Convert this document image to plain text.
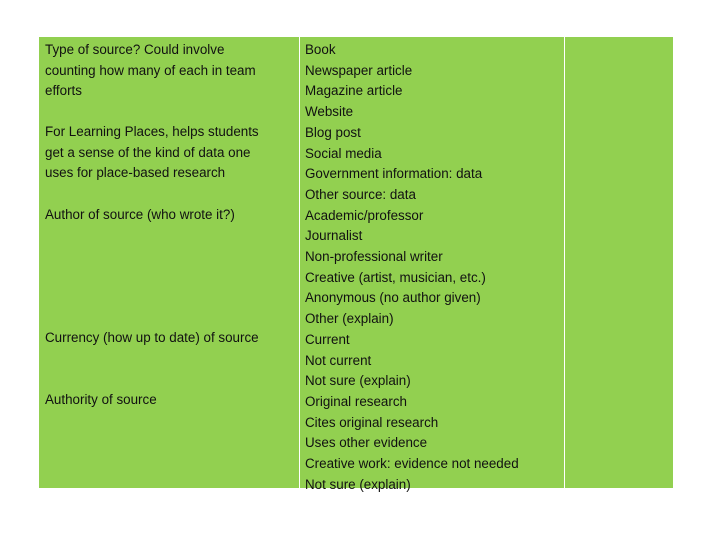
Type of source? Could involve
counting how many of each in team
efforts

For Learning Places, helps students
get a sense of the kind of data one
uses for place-based research

Author of source (who wrote it?)

Currency (how up to date) of source

Authority of source

Book
Newspaper article
Magazine article
Website
Blog post
Social media
Government information: data
Other source: data
Academic/professor
Journalist
Non-professional writer
Creative (artist, musician, etc.)
Anonymous (no author given)
Other (explain)
Current
Not current
Not sure (explain)
Original research
Cites original research
Uses other evidence
Creative work: evidence not needed
Not sure (explain)
